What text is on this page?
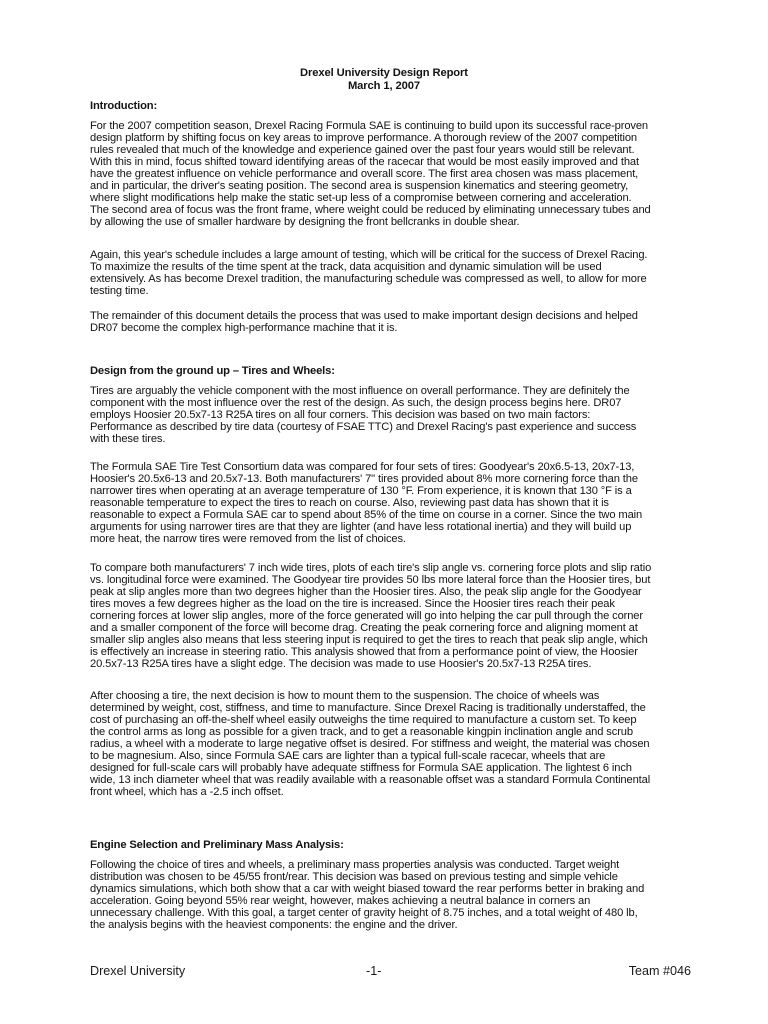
Drexel University Design Report
March 1, 2007
Introduction:
For the 2007 competition season, Drexel Racing Formula SAE is continuing to build upon its successful race-proven
design platform by shifting focus on key areas to improve performance. A thorough review of the 2007 competition
rules revealed that much of the knowledge and experience gained over the past four years would still be relevant.
With this in mind, focus shifted toward identifying areas of the racecar that would be most easily improved and that
have the greatest influence on vehicle performance and overall score. The first area chosen was mass placement,
and in particular, the driver's seating position. The second area is suspension kinematics and steering geometry,
where slight modifications help make the static set-up less of a compromise between cornering and acceleration.
The second area of focus was the front frame, where weight could be reduced by eliminating unnecessary tubes and
by allowing the use of smaller hardware by designing the front bellcranks in double shear.
Again, this year's schedule includes a large amount of testing, which will be critical for the success of Drexel Racing.
To maximize the results of the time spent at the track, data acquisition and dynamic simulation will be used
extensively. As has become Drexel tradition, the manufacturing schedule was compressed as well, to allow for more
testing time.
The remainder of this document details the process that was used to make important design decisions and helped
DR07 become the complex high-performance machine that it is.
Design from the ground up – Tires and Wheels:
Tires are arguably the vehicle component with the most influence on overall performance. They are definitely the
component with the most influence over the rest of the design. As such, the design process begins here. DR07
employs Hoosier 20.5x7-13 R25A tires on all four corners. This decision was based on two main factors:
Performance as described by tire data (courtesy of FSAE TTC) and Drexel Racing's past experience and success
with these tires.
The Formula SAE Tire Test Consortium data was compared for four sets of tires: Goodyear's 20x6.5-13, 20x7-13,
Hoosier's 20.5x6-13 and 20.5x7-13. Both manufacturers' 7" tires provided about 8% more cornering force than the
narrower tires when operating at an average temperature of 130 °F. From experience, it is known that 130 °F is a
reasonable temperature to expect the tires to reach on course. Also, reviewing past data has shown that it is
reasonable to expect a Formula SAE car to spend about 85% of the time on course in a corner. Since the two main
arguments for using narrower tires are that they are lighter (and have less rotational inertia) and they will build up
more heat, the narrow tires were removed from the list of choices.
To compare both manufacturers' 7 inch wide tires, plots of each tire's slip angle vs. cornering force plots and slip ratio
vs. longitudinal force were examined. The Goodyear tire provides 50 lbs more lateral force than the Hoosier tires, but
peak at slip angles more than two degrees higher than the Hoosier tires. Also, the peak slip angle for the Goodyear
tires moves a few degrees higher as the load on the tire is increased. Since the Hoosier tires reach their peak
cornering forces at lower slip angles, more of the force generated will go into helping the car pull through the corner
and a smaller component of the force will become drag. Creating the peak cornering force and aligning moment at
smaller slip angles also means that less steering input is required to get the tires to reach that peak slip angle, which
is effectively an increase in steering ratio. This analysis showed that from a performance point of view, the Hoosier
20.5x7-13 R25A tires have a slight edge. The decision was made to use Hoosier's 20.5x7-13 R25A tires.
After choosing a tire, the next decision is how to mount them to the suspension. The choice of wheels was
determined by weight, cost, stiffness, and time to manufacture. Since Drexel Racing is traditionally understaffed, the
cost of purchasing an off-the-shelf wheel easily outweighs the time required to manufacture a custom set. To keep
the control arms as long as possible for a given track, and to get a reasonable kingpin inclination angle and scrub
radius, a wheel with a moderate to large negative offset is desired. For stiffness and weight, the material was chosen
to be magnesium. Also, since Formula SAE cars are lighter than a typical full-scale racecar, wheels that are
designed for full-scale cars will probably have adequate stiffness for Formula SAE application. The lightest 6 inch
wide, 13 inch diameter wheel that was readily available with a reasonable offset was a standard Formula Continental
front wheel, which has a -2.5 inch offset.
Engine Selection and Preliminary Mass Analysis:
Following the choice of tires and wheels, a preliminary mass properties analysis was conducted. Target weight
distribution was chosen to be 45/55 front/rear. This decision was based on previous testing and simple vehicle
dynamics simulations, which both show that a car with weight biased toward the rear performs better in braking and
acceleration. Going beyond 55% rear weight, however, makes achieving a neutral balance in corners an
unnecessary challenge. With this goal, a target center of gravity height of 8.75 inches, and a total weight of 480 lb,
the analysis begins with the heaviest components: the engine and the driver.
Drexel University	-1-	Team #046
